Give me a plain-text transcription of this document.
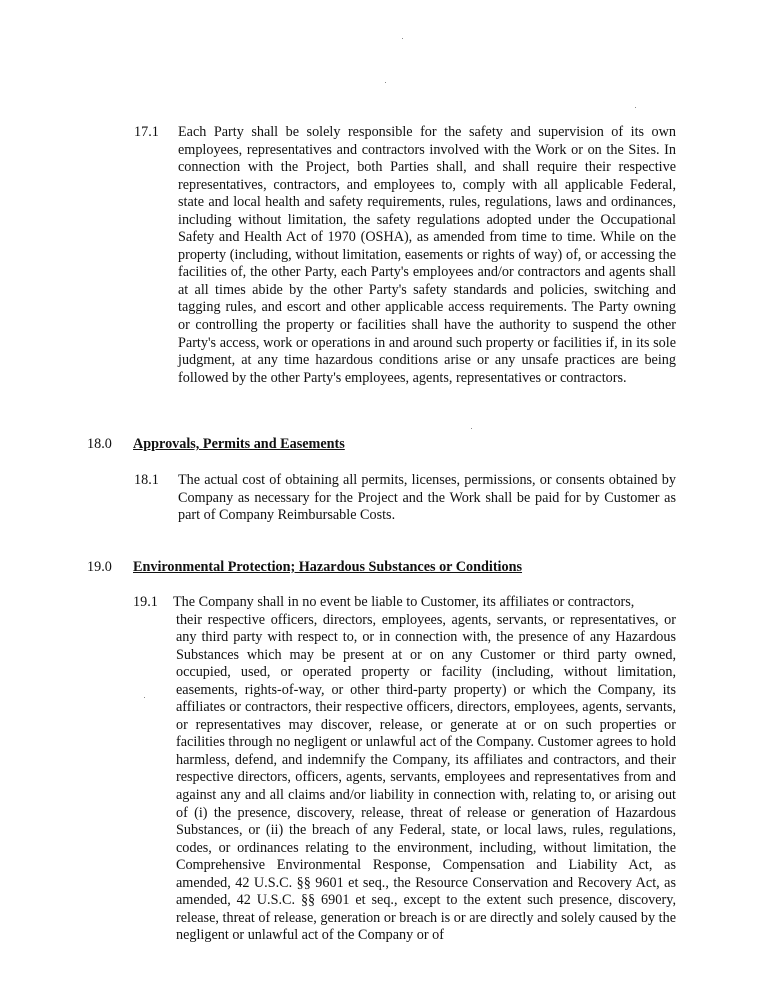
17.1 Each Party shall be solely responsible for the safety and supervision of its own employees, representatives and contractors involved with the Work or on the Sites. In connection with the Project, both Parties shall, and shall require their respective representatives, contractors, and employees to, comply with all applicable Federal, state and local health and safety requirements, rules, regulations, laws and ordinances, including without limitation, the safety regulations adopted under the Occupational Safety and Health Act of 1970 (OSHA), as amended from time to time. While on the property (including, without limitation, easements or rights of way) of, or accessing the facilities of, the other Party, each Party's employees and/or contractors and agents shall at all times abide by the other Party's safety standards and policies, switching and tagging rules, and escort and other applicable access requirements. The Party owning or controlling the property or facilities shall have the authority to suspend the other Party's access, work or operations in and around such property or facilities if, in its sole judgment, at any time hazardous conditions arise or any unsafe practices are being followed by the other Party's employees, agents, representatives or contractors.
18.0 Approvals, Permits and Easements
18.1 The actual cost of obtaining all permits, licenses, permissions, or consents obtained by Company as necessary for the Project and the Work shall be paid for by Customer as part of Company Reimbursable Costs.
19.0 Environmental Protection; Hazardous Substances or Conditions
19.1 The Company shall in no event be liable to Customer, its affiliates or contractors,
their respective officers, directors, employees, agents, servants, or representatives, or any third party with respect to, or in connection with, the presence of any Hazardous Substances which may be present at or on any Customer or third party owned, occupied, used, or operated property or facility (including, without limitation, easements, rights-of-way, or other third-party property) or which the Company, its affiliates or contractors, their respective officers, directors, employees, agents, servants, or representatives may discover, release, or generate at or on such properties or facilities through no negligent or unlawful act of the Company. Customer agrees to hold harmless, defend, and indemnify the Company, its affiliates and contractors, and their respective directors, officers, agents, servants, employees and representatives from and against any and all claims and/or liability in connection with, relating to, or arising out of (i) the presence, discovery, release, threat of release or generation of Hazardous Substances, or (ii) the breach of any Federal, state, or local laws, rules, regulations, codes, or ordinances relating to the environment, including, without limitation, the Comprehensive Environmental Response, Compensation and Liability Act, as amended, 42 U.S.C. §§ 9601 et seq., the Resource Conservation and Recovery Act, as amended, 42 U.S.C. §§ 6901 et seq., except to the extent such presence, discovery, release, threat of release, generation or breach is or are directly and solely caused by the negligent or unlawful act of the Company or of
